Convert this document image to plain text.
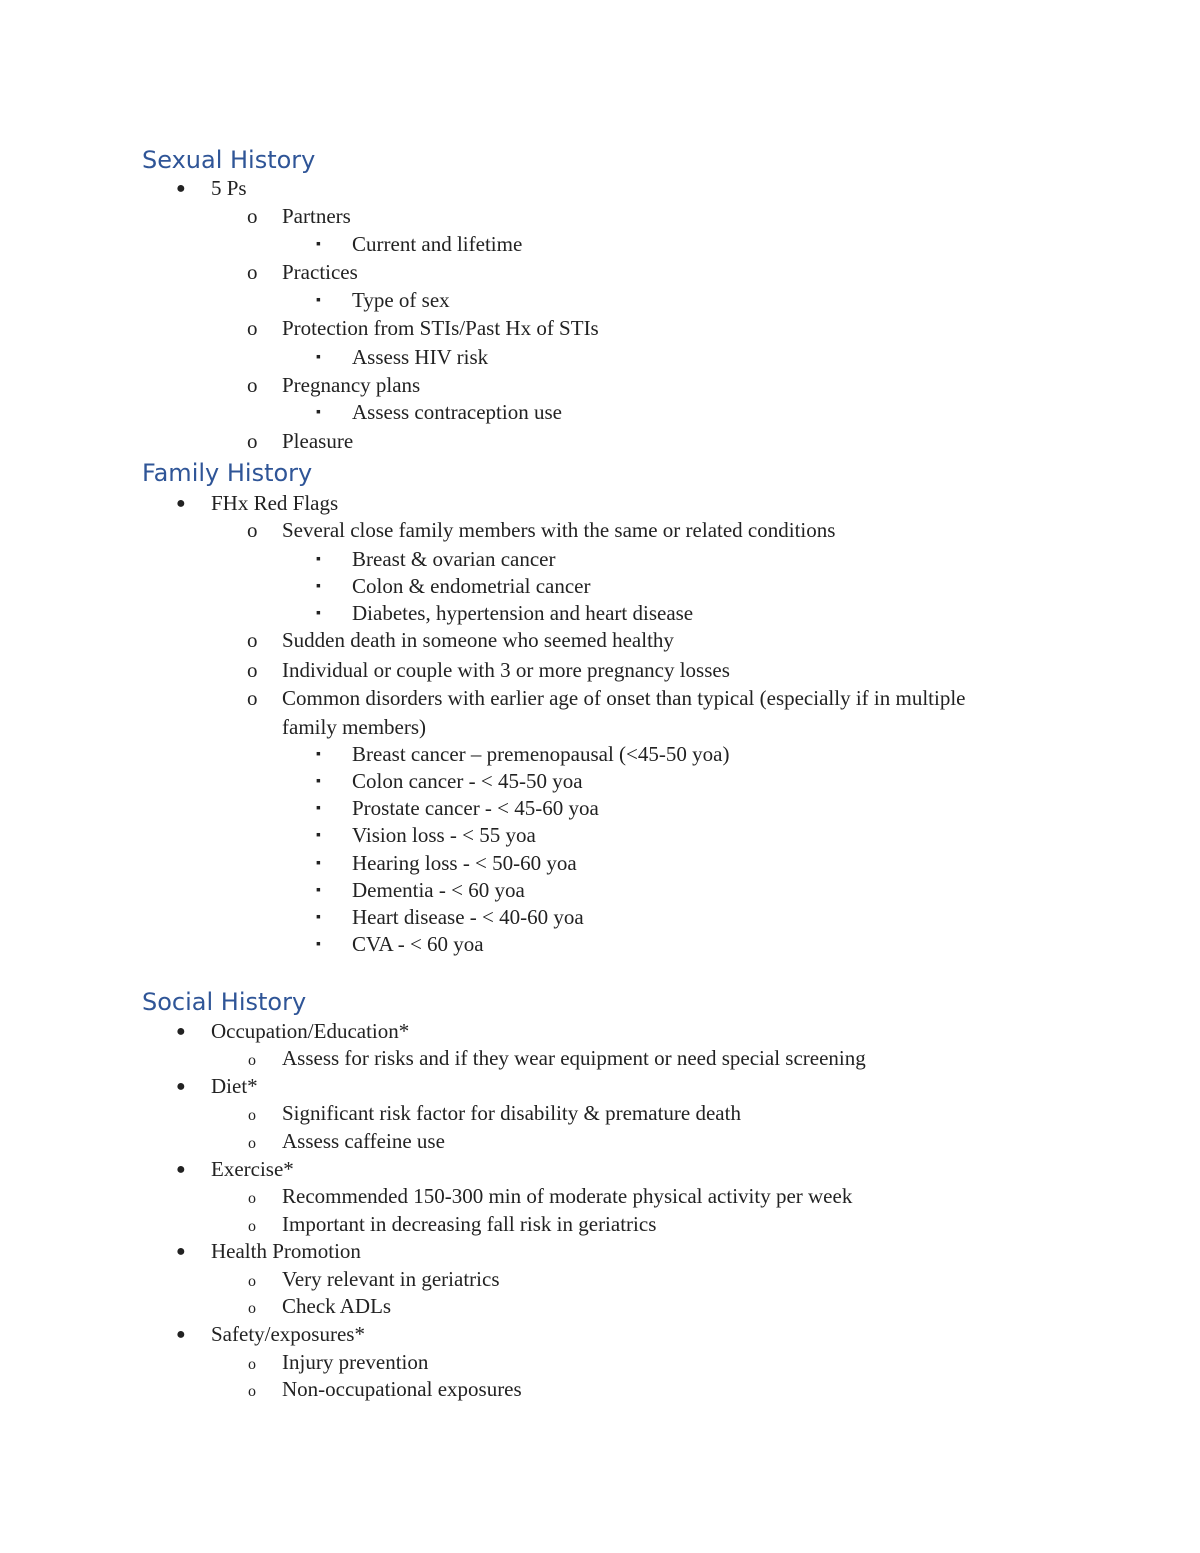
Sexual History
● 5 Ps
o Partners
▪ Current and lifetime
o Practices
▪ Type of sex
o Protection from STIs/Past Hx of STIs
▪ Assess HIV risk
o Pregnancy plans
▪ Assess contraception use
o Pleasure
Family History
● FHx Red Flags
o Several close family members with the same or related conditions
▪ Breast & ovarian cancer
▪ Colon & endometrial cancer
▪ Diabetes, hypertension and heart disease
o Sudden death in someone who seemed healthy
o Individual or couple with 3 or more pregnancy losses
o Common disorders with earlier age of onset than typical (especially if in multiple
family members)
▪ Breast cancer – premenopausal (<45-50 yoa)
▪ Colon cancer - < 45-50 yoa
▪ Prostate cancer - < 45-60 yoa
▪ Vision loss - < 55 yoa
▪ Hearing loss - < 50-60 yoa
▪ Dementia - < 60 yoa
▪ Heart disease - < 40-60 yoa
▪ CVA - < 60 yoa
Social History
● Occupation/Education*
o Assess for risks and if they wear equipment or need special screening
● Diet*
o Significant risk factor for disability & premature death
o Assess caffeine use
● Exercise*
o Recommended 150-300 min of moderate physical activity per week
o Important in decreasing fall risk in geriatrics
● Health Promotion
o Very relevant in geriatrics
o Check ADLs
● Safety/exposures*
o Injury prevention
o Non-occupational exposures
